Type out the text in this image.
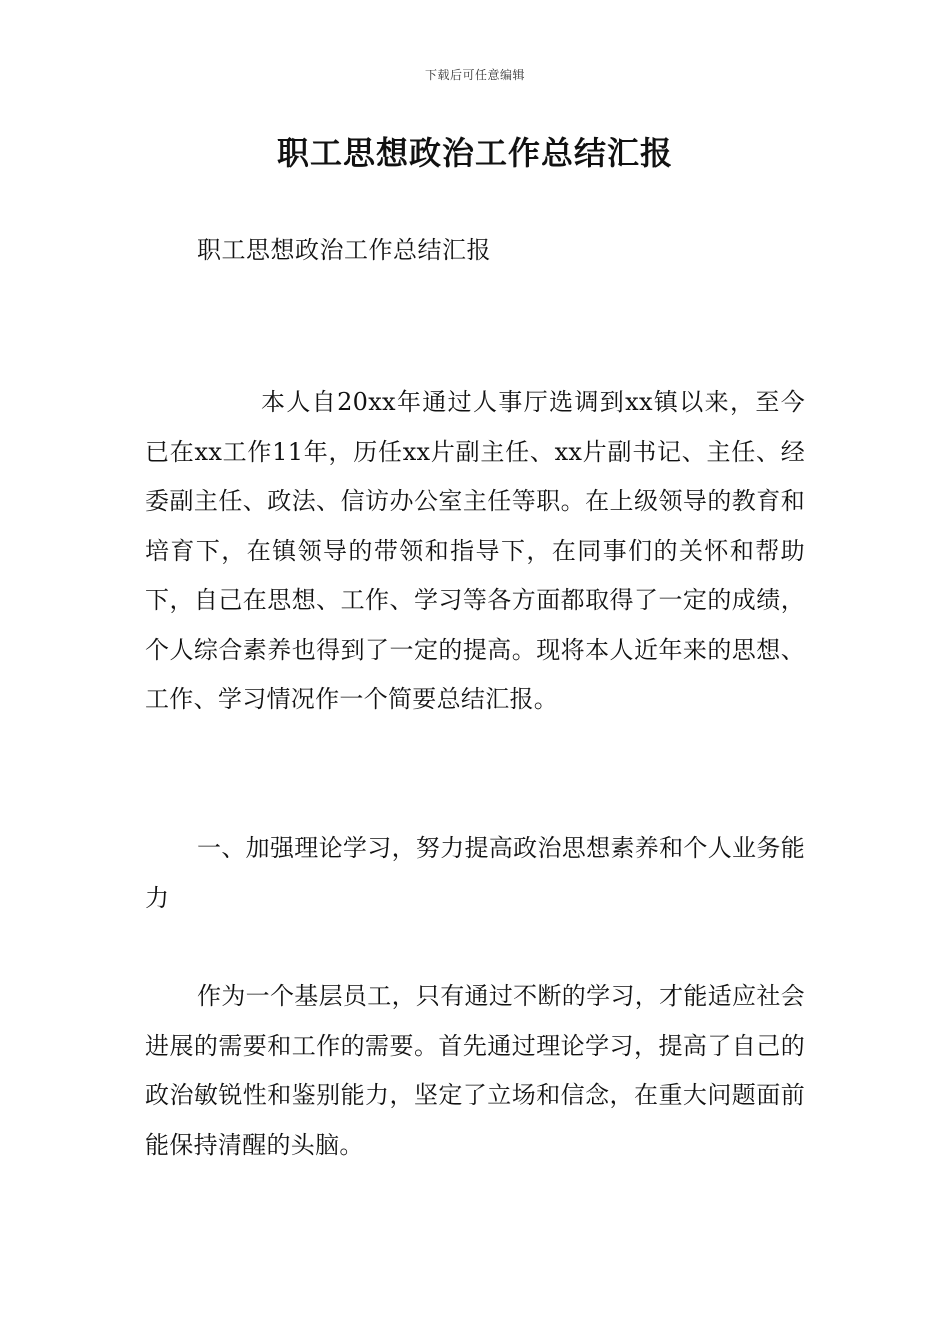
下载后可任意编辑
职工思想政治工作总结汇报
职工思想政治工作总结汇报

本人自20xx年通过人事厅选调到xx镇以来，至今已在xx工作11年，历任xx片副主任、xx片副书记、主任、经委副主任、政法、信访办公室主任等职。在上级领导的教育和培育下，在镇领导的带领和指导下，在同事们的关怀和帮助下，自己在思想、工作、学习等各方面都取得了一定的成绩，个人综合素养也得到了一定的提高。现将本人近年来的思想、工作、学习情况作一个简要总结汇报。

一、加强理论学习，努力提高政治思想素养和个人业务能力

作为一个基层员工，只有通过不断的学习，才能适应社会进展的需要和工作的需要。首先通过理论学习，提高了自己的政治敏锐性和鉴别能力，坚定了立场和信念，在重大问题面前能保持清醒的头脑。
